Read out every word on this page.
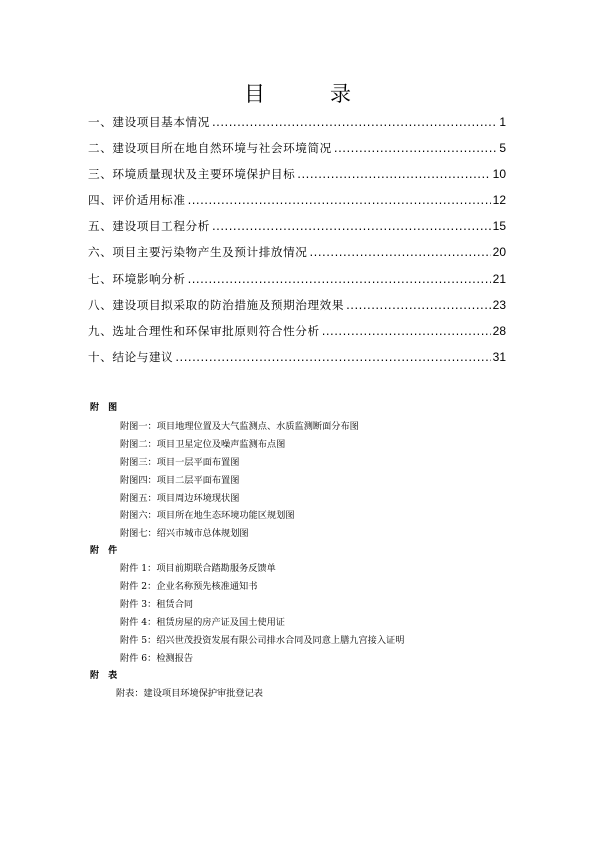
目　录
一、建设项目基本情况 .....	1
二、建设项目所在地自然环境与社会环境简况 .....	5
三、环境质量现状及主要环境保护目标 .....	10
四、评价适用标准 .....	12
五、建设项目工程分析 .....	15
六、项目主要污染物产生及预计排放情况 .....	20
七、环境影响分析 .....	21
八、建设项目拟采取的防治措施及预期治理效果 .....	23
九、选址合理性和环保审批原则符合性分析 .....	28
十、结论与建议 .....	31

附 图

附图一：项目地理位置及大气监测点、水质监测断面分布图
附图二：项目卫星定位及噪声监测布点图
附图三：项目一层平面布置图
附图四：项目二层平面布置图
附图五：项目周边环境现状图
附图六：项目所在地生态环境功能区规划图
附图七：绍兴市城市总体规划图

附 件

附件 1：项目前期联合踏勘服务反馈单
附件 2：企业名称预先核准通知书
附件 3：租赁合同
附件 4：租赁房屋的房产证及国土使用证
附件 5：绍兴世茂投资发展有限公司排水合同及同意上膳九宫接入证明
附件 6：检测报告

附 表

附表：建设项目环境保护审批登记表
